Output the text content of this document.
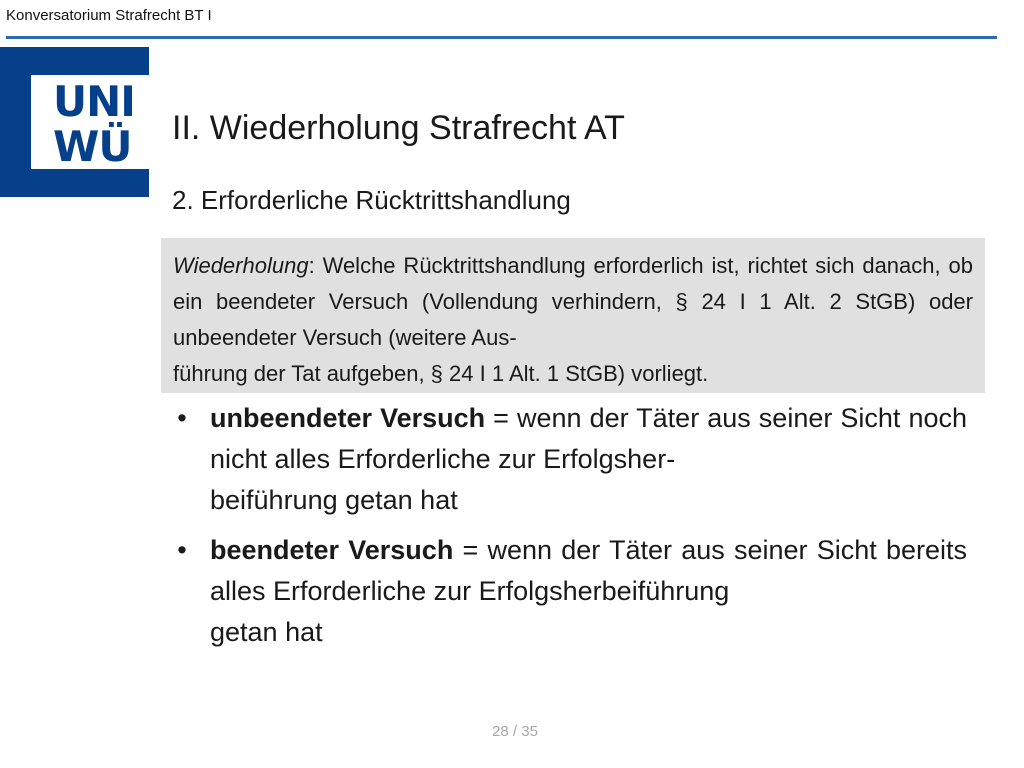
Konversatorium Strafrecht BT I
UNI
WÜ II. Wiederholung Strafrecht AT
2. Erforderliche Rücktrittshandlung
Wiederholung: Welche Rücktrittshandlung erforderlich ist, richtet sich danach, ob ein beendeter Versuch (Vollendung verhindern, § 24 I 1 Alt. 2 StGB) oder unbeendeter Versuch (weitere Aus-
führung der Tat aufgeben, § 24 I 1 Alt. 1 StGB) vorliegt.
• unbeendeter Versuch = wenn der Täter aus seiner Sicht noch nicht alles Erforderliche zur Erfolgsher-
beiführung getan hat
• beendeter Versuch = wenn der Täter aus seiner Sicht bereits alles Erforderliche zur Erfolgsherbeiführung
getan hat
28 / 35
